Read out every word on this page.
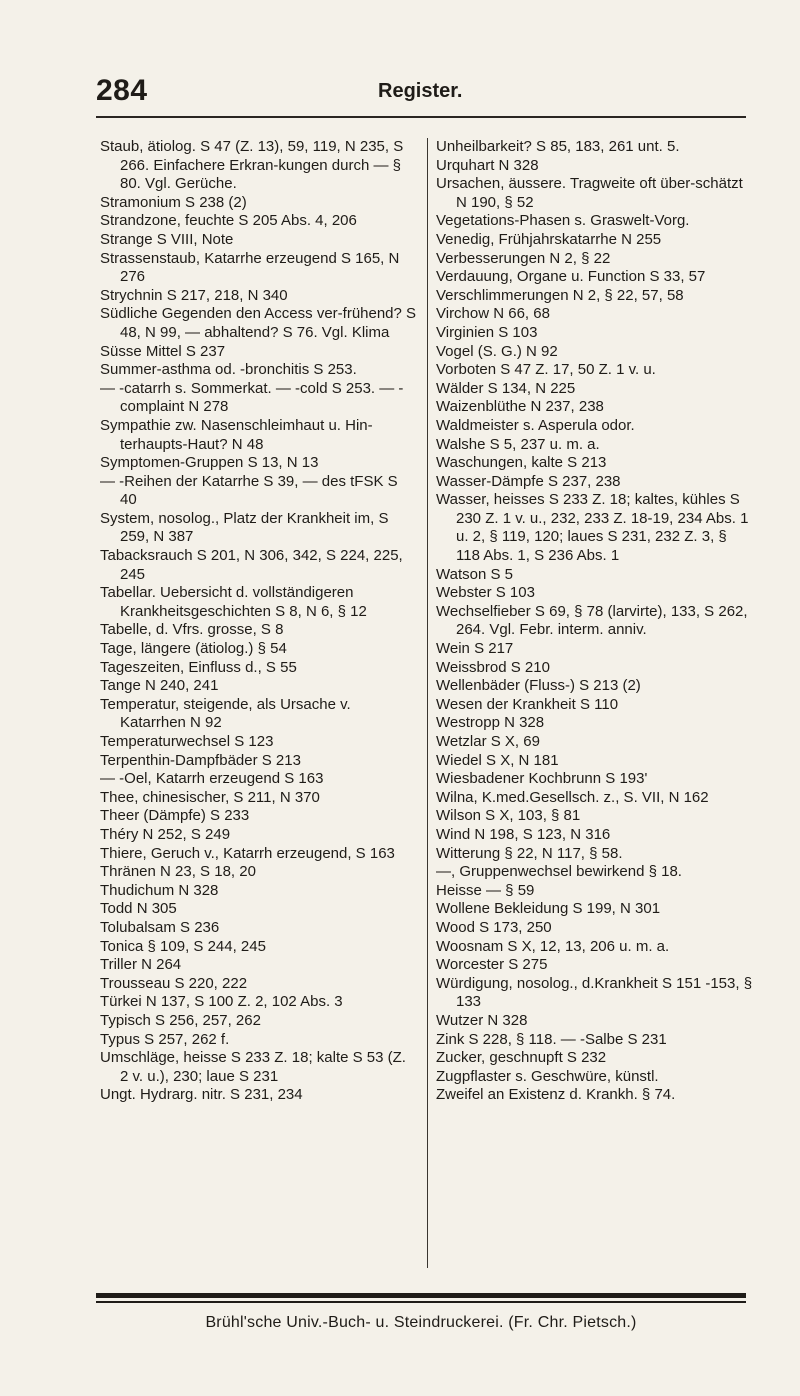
284	Register.

Staub, ätiolog. S 47 (Z. 13), 59, 119, N 235, S 266. Einfachere Erkran-kungen durch — § 80. Vgl. Gerüche.

Stramonium S 238 (2)

Strandzone, feuchte S 205 Abs. 4, 206

Strange S VIII, Note

Strassenstaub, Katarrhe erzeugend S 165, N 276

Strychnin S 217, 218, N 340

Südliche Gegenden den Access ver-frühend? S 48, N 99, — abhaltend? S 76. Vgl. Klima

Süsse Mittel S 237

Summer-asthma od. -bronchitis S 253.

— -catarrh s. Sommerkat. — -cold S 253. — -complaint N 278

Sympathie zw. Nasenschleimhaut u. Hin-terhaupts-Haut? N 48

Symptomen-Gruppen S 13, N 13

— -Reihen der Katarrhe S 39, — des tFSK S 40

System, nosolog., Platz der Krankheit im, S 259, N 387

Tabacksrauch S 201, N 306, 342, S 224, 225, 245

Tabellar. Uebersicht d. vollständigeren Krankheitsgeschichten S 8, N 6, § 12

Tabelle, d. Vfrs. grosse, S 8

Tage, längere (ätiolog.) § 54

Tageszeiten, Einfluss d., S 55

Tange N 240, 241

Temperatur, steigende, als Ursache v. Katarrhen N 92

Temperaturwechsel S 123

Terpenthin-Dampfbäder S 213

— -Oel, Katarrh erzeugend S 163

Thee, chinesischer, S 211, N 370

Theer (Dämpfe) S 233

Théry N 252, S 249

Thiere, Geruch v., Katarrh erzeugend, S 163

Thränen N 23, S 18, 20

Thudichum N 328

Todd N 305

Tolubalsam S 236

Tonica § 109, S 244, 245

Triller N 264

Trousseau S 220, 222

Türkei N 137, S 100 Z. 2, 102 Abs. 3

Typisch S 256, 257, 262

Typus S 257, 262 f.

Umschläge, heisse S 233 Z. 18; kalte S 53 (Z. 2 v. u.), 230; laue S 231

Ungt. Hydrarg. nitr. S 231, 234

Unheilbarkeit? S 85, 183, 261 unt. 5.

Urquhart N 328

Ursachen, äussere. Tragweite oft über-schätzt N 190, § 52

Vegetations-Phasen s. Graswelt-Vorg.

Venedig, Frühjahrskatarrhe N 255

Verbesserungen N 2, § 22

Verdauung, Organe u. Function S 33, 57

Verschlimmerungen N 2, § 22, 57, 58

Virchow N 66, 68

Virginien S 103

Vogel (S. G.) N 92

Vorboten S 47 Z. 17, 50 Z. 1 v. u.

Wälder S 134, N 225

Waizenblüthe N 237, 238

Waldmeister s. Asperula odor.

Walshe S 5, 237 u. m. a.

Waschungen, kalte S 213

Wasser-Dämpfe S 237, 238

Wasser, heisses S 233 Z. 18; kaltes, kühles S 230 Z. 1 v. u., 232, 233 Z. 18-19, 234 Abs. 1 u. 2, § 119, 120; laues S 231, 232 Z. 3, § 118 Abs. 1, S 236 Abs. 1

Watson S 5

Webster S 103

Wechselfieber S 69, § 78 (larvirte), 133, S 262, 264. Vgl. Febr. interm. anniv.

Wein S 217

Weissbrod S 210

Wellenbäder (Fluss-) S 213 (2)

Wesen der Krankheit S 110

Westropp N 328

Wetzlar S X, 69

Wiedel S X, N 181

Wiesbadener Kochbrunn S 193'

Wilna, K.med.Gesellsch. z., S. VII, N 162

Wilson S X, 103, § 81

Wind N 198, S 123, N 316

Witterung § 22, N 117, § 58.

—, Gruppenwechsel bewirkend § 18.

Heisse — § 59

Wollene Bekleidung S 199, N 301

Wood S 173, 250

Woosnam S X, 12, 13, 206 u. m. a.

Worcester S 275

Würdigung, nosolog., d.Krankheit S 151 -153, § 133

Wutzer N 328

Zink S 228, § 118. — -Salbe S 231

Zucker, geschnupft S 232

Zugpflaster s. Geschwüre, künstl.

Zweifel an Existenz d. Krankh. § 74.

Brühl'sche Univ.-Buch- u. Steindruckerei. (Fr. Chr. Pietsch.)
